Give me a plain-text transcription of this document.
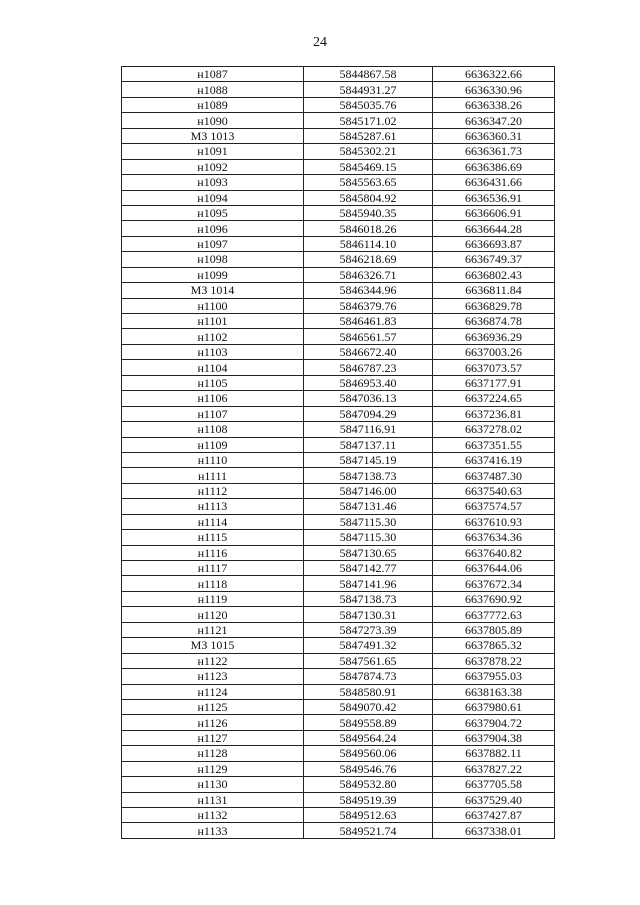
24
н1087	5844867.58	6636322.66
н1088	5844931.27	6636330.96
н1089	5845035.76	6636338.26
н1090	5845171.02	6636347.20
МЗ 1013	5845287.61	6636360.31
н1091	5845302.21	6636361.73
н1092	5845469.15	6636386.69
н1093	5845563.65	6636431.66
н1094	5845804.92	6636536.91
н1095	5845940.35	6636606.91
н1096	5846018.26	6636644.28
н1097	5846114.10	6636693.87
н1098	5846218.69	6636749.37
н1099	5846326.71	6636802.43
МЗ 1014	5846344.96	6636811.84
н1100	5846379.76	6636829.78
н1101	5846461.83	6636874.78
н1102	5846561.57	6636936.29
н1103	5846672.40	6637003.26
н1104	5846787.23	6637073.57
н1105	5846953.40	6637177.91
н1106	5847036.13	6637224.65
н1107	5847094.29	6637236.81
н1108	5847116.91	6637278.02
н1109	5847137.11	6637351.55
н1110	5847145.19	6637416.19
н1111	5847138.73	6637487.30
н1112	5847146.00	6637540.63
н1113	5847131.46	6637574.57
н1114	5847115.30	6637610.93
н1115	5847115.30	6637634.36
н1116	5847130.65	6637640.82
н1117	5847142.77	6637644.06
н1118	5847141.96	6637672.34
н1119	5847138.73	6637690.92
н1120	5847130.31	6637772.63
н1121	5847273.39	6637805.89
МЗ 1015	5847491.32	6637865.32
н1122	5847561.65	6637878.22
н1123	5847874.73	6637955.03
н1124	5848580.91	6638163.38
н1125	5849070.42	6637980.61
н1126	5849558.89	6637904.72
н1127	5849564.24	6637904.38
н1128	5849560.06	6637882.11
н1129	5849546.76	6637827.22
н1130	5849532.80	6637705.58
н1131	5849519.39	6637529.40
н1132	5849512.63	6637427.87
н1133	5849521.74	6637338.01
